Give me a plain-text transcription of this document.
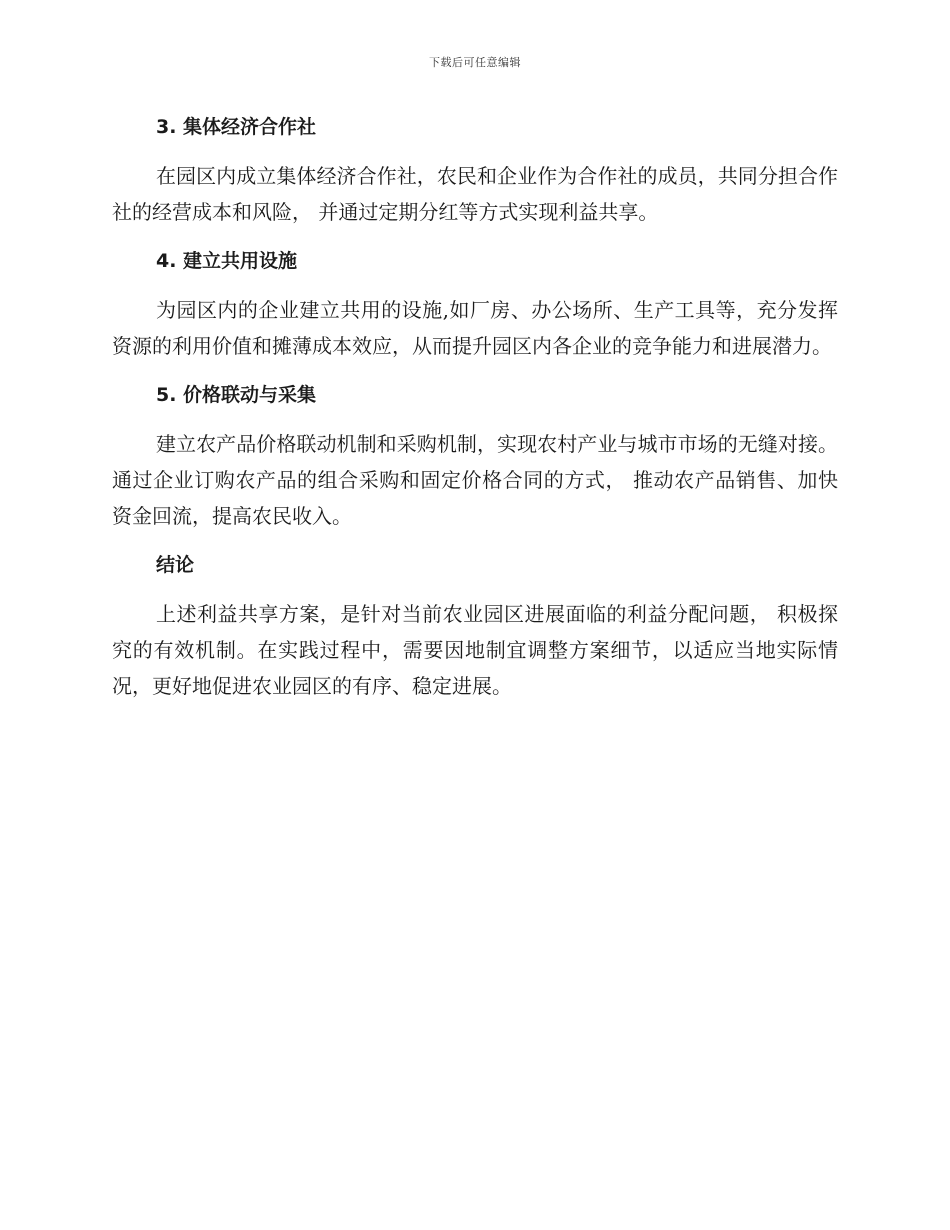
下载后可任意编辑
3. 集体经济合作社

在园区内成立集体经济合作社，农民和企业作为合作社的成员，共同分担合作社的经营成本和风险， 并通过定期分红等方式实现利益共享。

4. 建立共用设施

为园区内的企业建立共用的设施,如厂房、办公场所、生产工具等，充分发挥资源的利用价值和摊薄成本效应，从而提升园区内各企业的竞争能力和进展潜力。

5. 价格联动与采集

建立农产品价格联动机制和采购机制，实现农村产业与城市市场的无缝对接。通过企业订购农产品的组合采购和固定价格合同的方式， 推动农产品销售、加快资金回流，提高农民收入。

结论

上述利益共享方案，是针对当前农业园区进展面临的利益分配问题， 积极探究的有效机制。在实践过程中，需要因地制宜调整方案细节，以适应当地实际情况，更好地促进农业园区的有序、稳定进展。
